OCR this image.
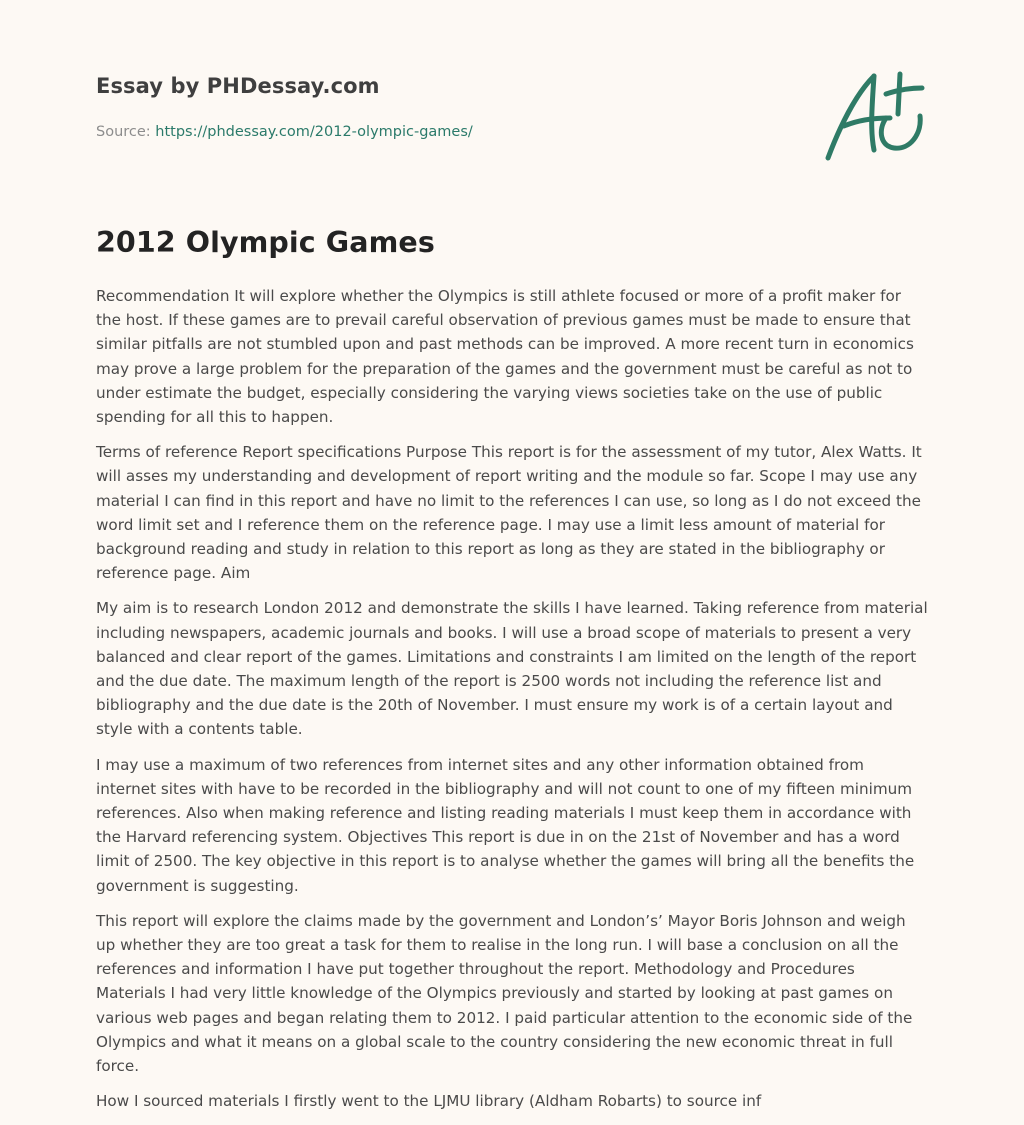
Essay by PHDessay.com
Source: https://phdessay.com/2012-olympic-games/
2012 Olympic Games

Recommendation It will explore whether the Olympics is still athlete focused or more of a profit maker for the host. If these games are to prevail careful observation of previous games must be made to ensure that similar pitfalls are not stumbled upon and past methods can be improved. A more recent turn in economics may prove a large problem for the preparation of the games and the government must be careful as not to under estimate the budget, especially considering the varying views societies take on the use of public spending for all this to happen.

Terms of reference Report specifications Purpose This report is for the assessment of my tutor, Alex Watts. It will asses my understanding and development of report writing and the module so far. Scope I may use any material I can find in this report and have no limit to the references I can use, so long as I do not exceed the word limit set and I reference them on the reference page. I may use a limit less amount of material for background reading and study in relation to this report as long as they are stated in the bibliography or reference page. Aim

My aim is to research London 2012 and demonstrate the skills I have learned. Taking reference from material including newspapers, academic journals and books. I will use a broad scope of materials to present a very balanced and clear report of the games. Limitations and constraints I am limited on the length of the report and the due date. The maximum length of the report is 2500 words not including the reference list and bibliography and the due date is the 20th of November. I must ensure my work is of a certain layout and style with a contents table.

I may use a maximum of two references from internet sites and any other information obtained from internet sites with have to be recorded in the bibliography and will not count to one of my fifteen minimum references. Also when making reference and listing reading materials I must keep them in accordance with the Harvard referencing system. Objectives This report is due in on the 21st of November and has a word limit of 2500. The key objective in this report is to analyse whether the games will bring all the benefits the government is suggesting.

This report will explore the claims made by the government and London’s’ Mayor Boris Johnson and weigh up whether they are too great a task for them to realise in the long run. I will base a conclusion on all the references and information I have put together throughout the report. Methodology and Procedures Materials I had very little knowledge of the Olympics previously and started by looking at past games on various web pages and began relating them to 2012. I paid particular attention to the economic side of the Olympics and what it means on a global scale to the country considering the new economic threat in full force.

How I sourced materials I firstly went to the LJMU library (Aldham Robarts) to source inf
